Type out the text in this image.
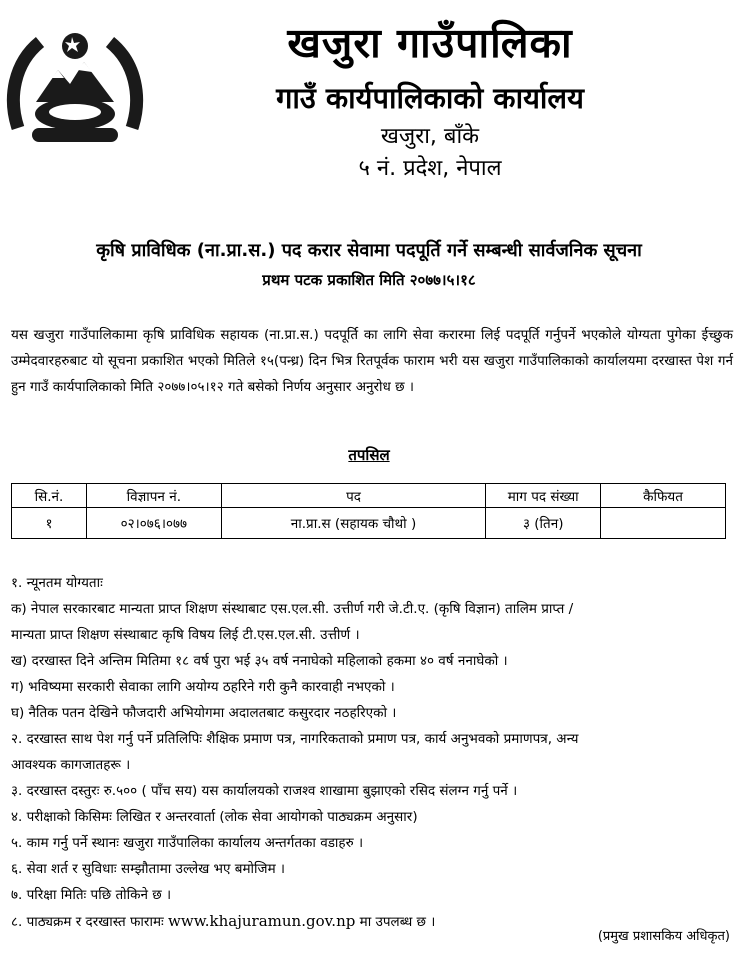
खजुरा गाउँपालिका
गाउँ कार्यपालिकाको कार्यालय
खजुरा, बाँके
५ नं. प्रदेश, नेपाल
कृषि प्राविधिक (ना.प्रा.स.) पद करार सेवामा पदपूर्ति गर्ने सम्बन्धी सार्वजनिक सूचना
प्रथम पटक प्रकाशित मिति २०७७।५।१८
यस खजुरा गाउँपालिकामा कृषि प्राविधिक सहायक (ना.प्रा.स.) पदपूर्ति का लागि सेवा करारमा लिई पदपूर्ति गर्नुपर्ने भएकोले योग्यता पुगेका ईच्छुक उम्मेदवारहरुबाट यो सूचना प्रकाशित भएको मितिले १५(पन्ध्र) दिन भित्र रितपूर्वक फाराम भरी यस खजुरा गाउँपालिकाको कार्यालयमा दरखास्त पेश गर्न हुन गाउँ कार्यपालिकाको मिति २०७७।०५।१२ गते बसेको निर्णय अनुसार अनुरोध छ ।
तपसिल
सि.नं.	विज्ञापन नं.	पद	माग पद संख्या	कैफियत
१	०२।०७६।०७७	ना.प्रा.स (सहायक चौथो )	३ (तिन)	
१. न्यूनतम योग्यताः
क) नेपाल सरकारबाट मान्यता प्राप्त शिक्षण संस्थाबाट एस.एल.सी. उत्तीर्ण गरी जे.टी.ए. (कृषि विज्ञान) तालिम प्राप्त /
मान्यता प्राप्त शिक्षण संस्थाबाट कृषि विषय लिई टी.एस.एल.सी. उत्तीर्ण ।
ख) दरखास्त दिने अन्तिम मितिमा १८ वर्ष पुरा भई ३५ वर्ष ननाघेको महिलाको हकमा ४० वर्ष ननाघेको ।
ग) भविष्यमा सरकारी सेवाका लागि अयोग्य ठहरिने गरी कुनै कारवाही नभएको ।
घ) नैतिक पतन देखिने फौजदारी अभियोगमा अदालतबाट कसुरदार नठहरिएको ।
२. दरखास्त साथ पेश गर्नु पर्ने प्रतिलिपिः शैक्षिक प्रमाण पत्र, नागरिकताको प्रमाण पत्र, कार्य अनुभवको प्रमाणपत्र, अन्य
आवश्यक कागजातहरू ।
३. दरखास्त दस्तुरः रु.५०० ( पाँच सय) यस कार्यालयको राजश्व शाखामा बुझाएको रसिद संलग्न गर्नु पर्ने ।
४. परीक्षाको किसिमः लिखित र अन्तरवार्ता (लोक सेवा आयोगको पाठ्यक्रम अनुसार)
५. काम गर्नु पर्ने स्थानः खजुरा गाउँपालिका कार्यालय अन्तर्गतका वडाहरु ।
६. सेवा शर्त र सुविधाः सम्झौतामा उल्लेख भए बमोजिम ।
७. परिक्षा मितिः पछि तोकिने छ ।
८. पाठ्यक्रम र दरखास्त फारामः www.khajuramun.gov.np मा उपलब्ध छ ।
(प्रमुख प्रशासकिय अधिकृत)
